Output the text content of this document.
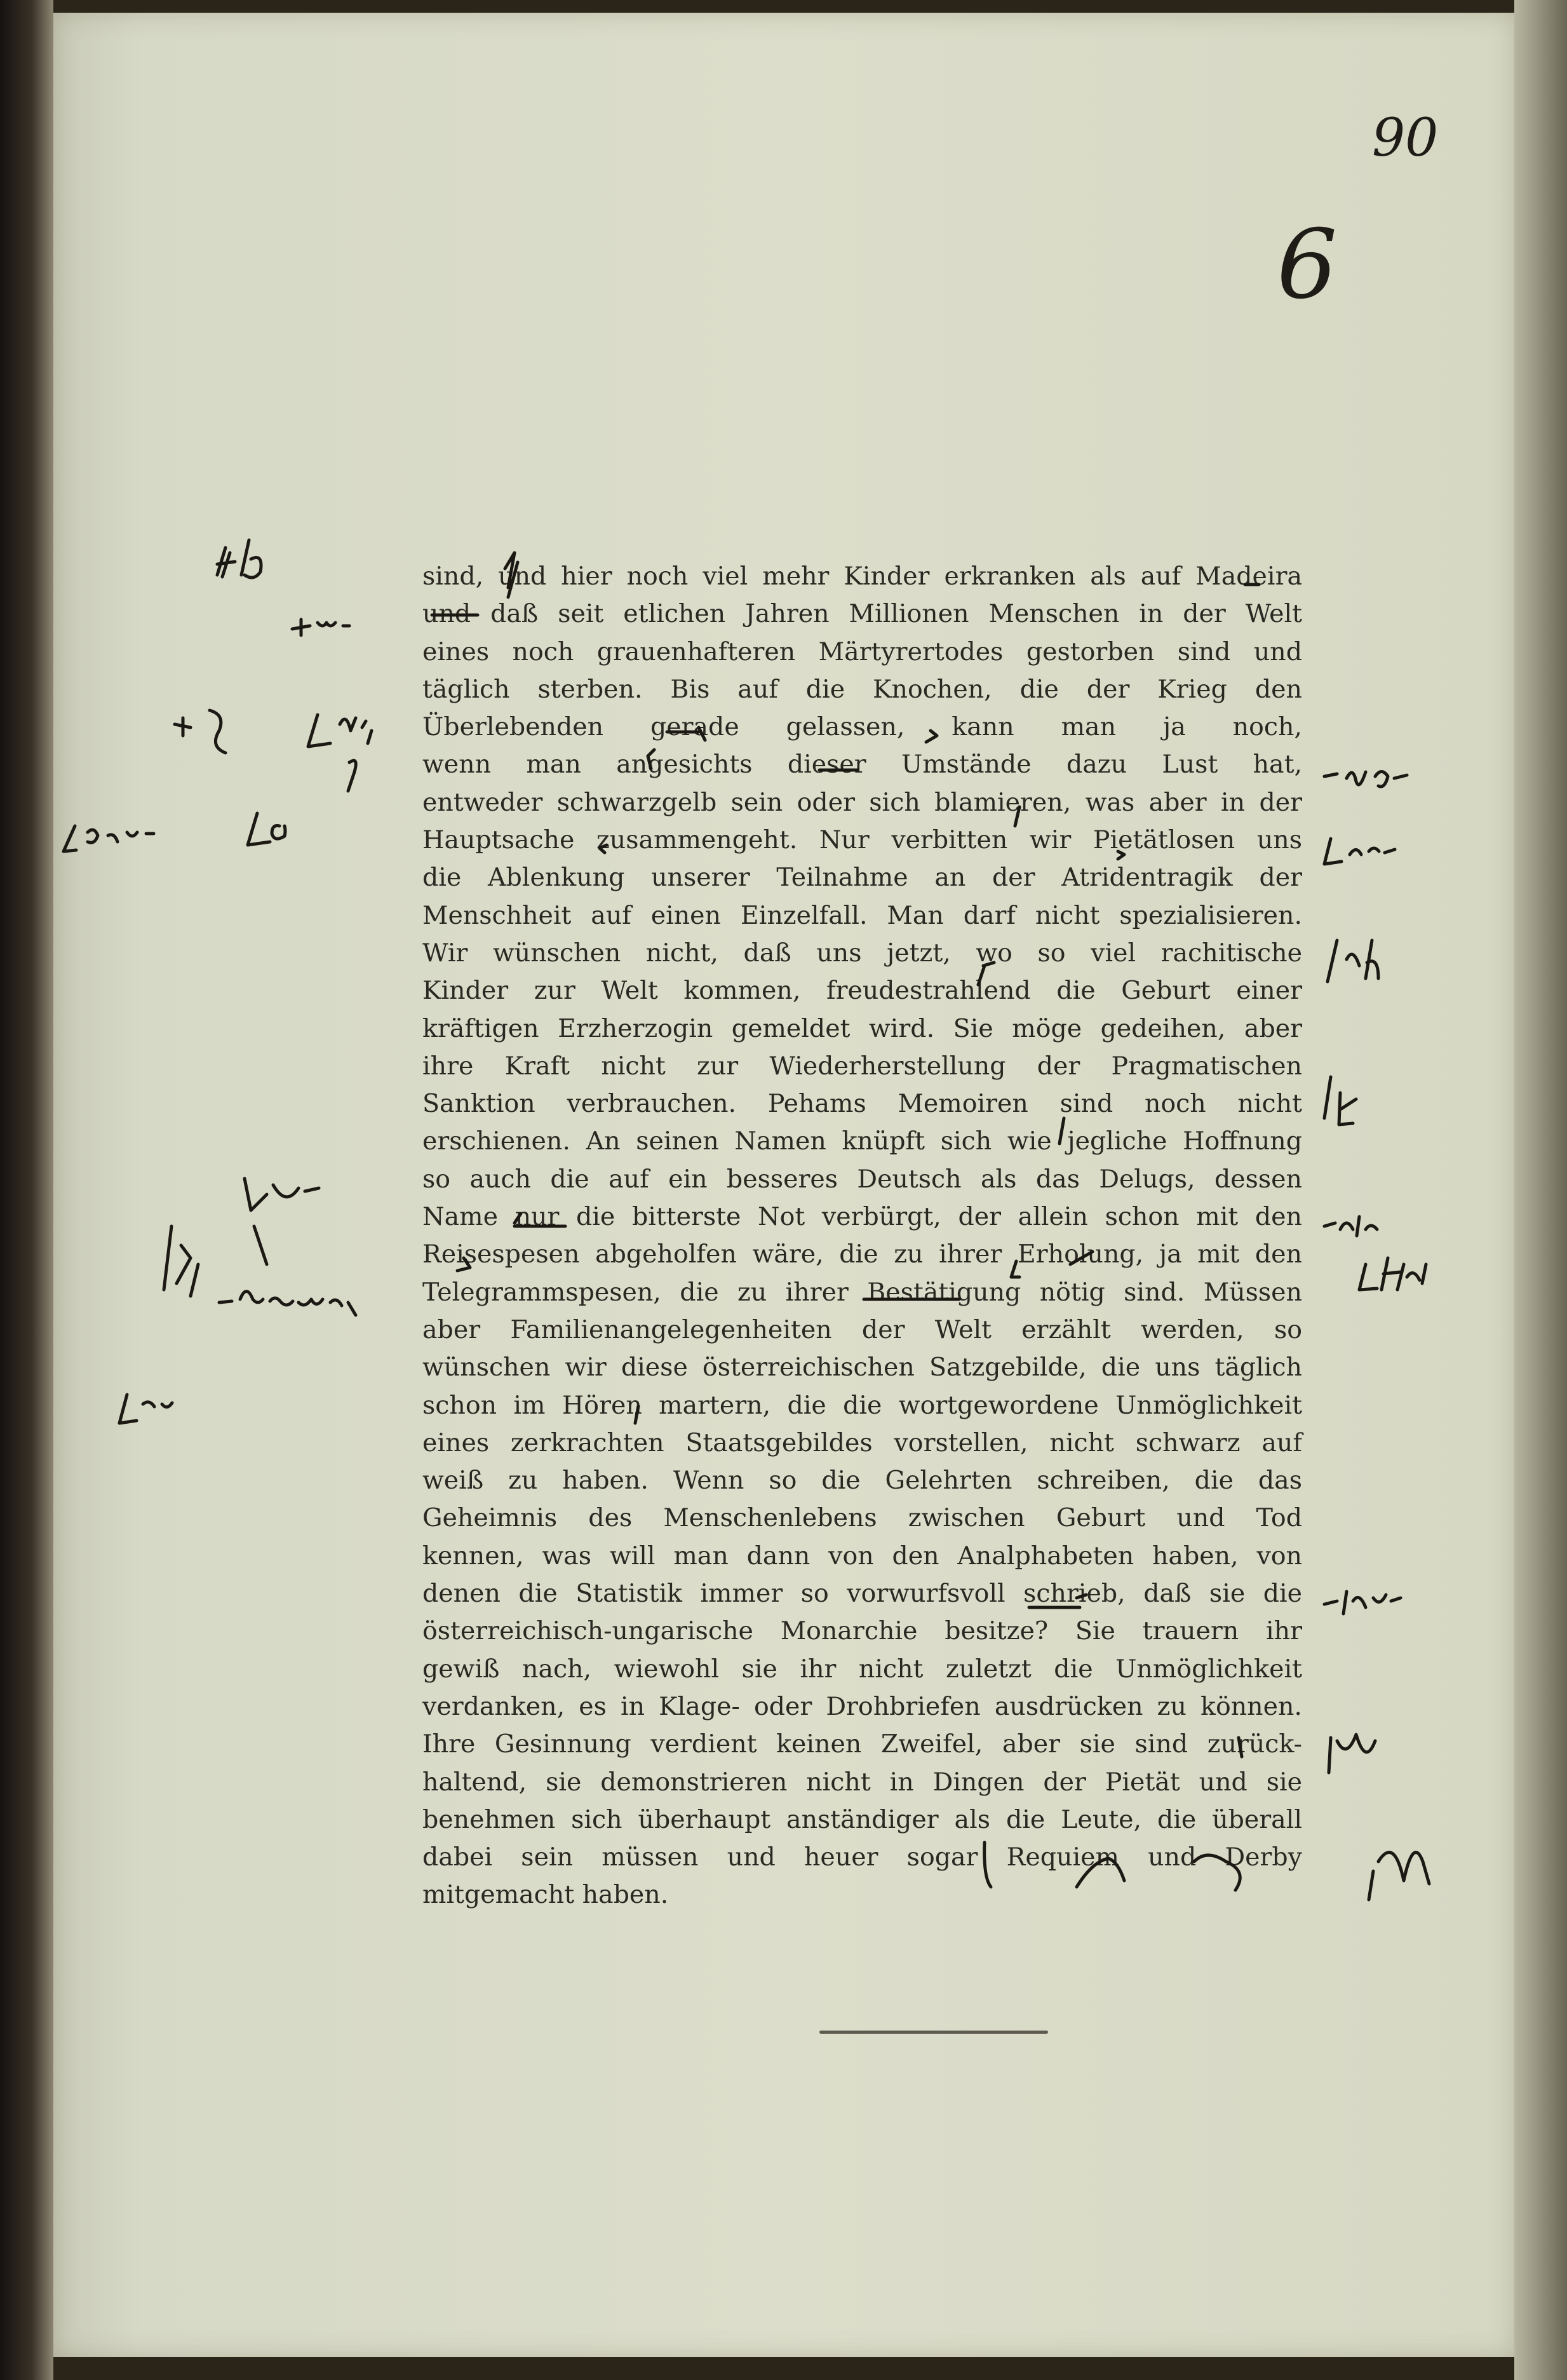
90
6
sind, und hier noch viel mehr Kinder erkranken als auf Madeira
und daß seit etlichen Jahren Millionen Menschen in der Welt
eines noch grauenhafteren Märtyrertodes gestorben sind und
täglich sterben. Bis auf die Knochen, die der Krieg den
Überlebenden gerade gelassen, kann man ja noch,
wenn man angesichts dieser Umstände dazu Lust hat,
entweder schwarzgelb sein oder sich blamieren, was aber in der
Hauptsache zusammengeht. Nur verbitten wir Pietätlosen uns
die Ablenkung unserer Teilnahme an der Atridentragik der
Menschheit auf einen Einzelfall. Man darf nicht spezialisieren.
Wir wünschen nicht, daß uns jetzt, wo so viel rachitische
Kinder zur Welt kommen, freudestrahlend die Geburt einer
kräftigen Erzherzogin gemeldet wird. Sie möge gedeihen, aber
ihre Kraft nicht zur Wiederherstellung der Pragmatischen
Sanktion verbrauchen. Pehams Memoiren sind noch nicht
erschienen. An seinen Namen knüpft sich wie jegliche Hoffnung
so auch die auf ein besseres Deutsch als das Delugs, dessen
Name nur die bitterste Not verbürgt, der allein schon mit den
Reisespesen abgeholfen wäre, die zu ihrer Erholung, ja mit den
Telegrammspesen, die zu ihrer Bestätigung nötig sind. Müssen
aber Familienangelegenheiten der Welt erzählt werden, so
wünschen wir diese österreichischen Satzgebilde, die uns täglich
schon im Hören martern, die die wortgewordene Unmöglichkeit
eines zerkrachten Staatsgebildes vorstellen, nicht schwarz auf
weiß zu haben. Wenn so die Gelehrten schreiben, die das
Geheimnis des Menschenlebens zwischen Geburt und Tod
kennen, was will man dann von den Analphabeten haben, von
denen die Statistik immer so vorwurfsvoll schrieb, daß sie die
österreichisch-ungarische Monarchie besitze? Sie trauern ihr
gewiß nach, wiewohl sie ihr nicht zuletzt die Unmöglichkeit
verdanken, es in Klage- oder Drohbriefen ausdrücken zu können.
Ihre Gesinnung verdient keinen Zweifel, aber sie sind zurück-
haltend, sie demonstrieren nicht in Dingen der Pietät und sie
benehmen sich überhaupt anständiger als die Leute, die überall
dabei sein müssen und heuer sogar Requiem und Derby
mitgemacht haben.
